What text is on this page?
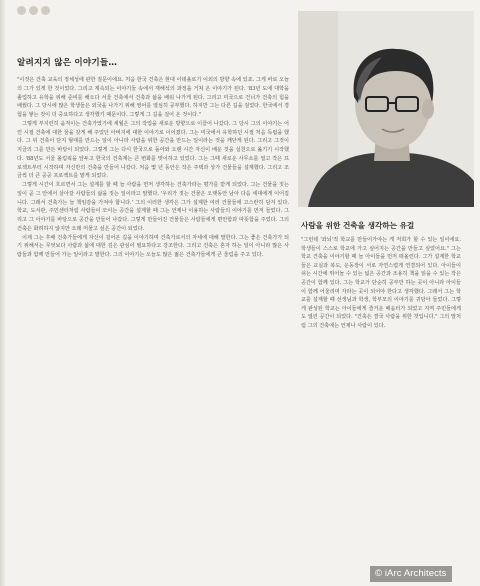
알려지지 않은 이야기들…

"이것은 건축 교육의 정체성에 관한 질문이에요. 처음 한국 건축은 현대 이데올로기 이외의 방향 속에 있죠. 그게 바로 오늘의 그가 있게 한 것이었다. 그리고 계속되는 이야기들 속에서 재해석의 과정을 거쳐 온 이야기가 된다. '83년 도에 대학을 졸업하고 유학을 위해 준비를 해오다 서울 건축에서 건축과 삶을 배워 나가게 된다. 그리고 미국으로 건너가 건축의 힘을 배웠다. 그 당시에 많은 학생들은 외국을 나가기 위해 영어를 열심히 공부했다. 하지만 그는 다른 길을 걸었다. 한국에서 경험을 쌓는 것이 더 중요하다고 생각했기 때문이다. 그렇게 그 길을 걸어 온 것이다."

그렇게 부지런히 움직이는 건축가였기에 세월은 그의 작업을 새로운 방향으로 이끌어 나갔다. 그 당시 그의 이야기는 어린 시절 건축에 대한 꿈을 갖게 해 주었던 아버지에 대한 이야기로 이어졌다. 그는 미국에서 유학하던 시절 처음 독립을 했다. 그 뒤 건축이 단지 형태를 만드는 일이 아니라 사람을 위한 공간을 만드는 일이라는 것을 깨닫게 된다. 그리고 그것이 지금의 그를 만든 바탕이 되었다. 그렇게 그는 다시 한국으로 돌아와 오랜 시간 자신이 배운 것을 실천으로 옮기기 시작했다. '88년도 서울 올림픽을 앞두고 한국의 건축계는 큰 변화를 맞이하고 있었다. 그는 그때 새로운 사무소를 열고 작은 프로젝트부터 시작하며 자신만의 건축을 만들어 나갔다. 처음 몇 년 동안은 작은 주택과 상가 건물들을 설계했다. 그리고 조금씩 더 큰 공공 프로젝트를 맡게 되었다.

그렇게 시간이 흐르면서 그는 설계를 할 때 늘 사람을 먼저 생각하는 건축가라는 평가를 받게 되었다. 그는 건물을 짓는 일이 곧 그 안에서 살아갈 사람들의 삶을 짓는 일이라고 말했다. '우리가 짓는 건물은 오랫동안 남아 다음 세대에게 이어집니다. 그래서 건축가는 늘 책임감을 가져야 합니다.' 그의 이러한 생각은 그가 설계한 여러 건물들에 고스란히 담겨 있다. 학교, 도서관, 주민센터처럼 사람들이 모이는 공간을 설계할 때 그는 언제나 이용하는 사람들의 이야기를 먼저 들었다. 그리고 그 이야기를 바탕으로 공간을 만들어 나갔다. 그렇게 만들어진 건물들은 사람들에게 편안함과 따뜻함을 주었다. 그의 건축은 화려하지 않지만 오래 머물고 싶은 공간이 되었다.

이제 그는 후배 건축가들에게 자신이 걸어온 길을 이야기하며 건축가로서의 자세에 대해 말한다. 그는 좋은 건축가가 되기 위해서는 무엇보다 사람과 삶에 대한 깊은 관심이 필요하다고 강조한다. 그리고 건축은 혼자 하는 일이 아니라 많은 사람들과 함께 만들어 가는 일이라고 말한다. 그의 이야기는 오늘도 많은 젊은 건축가들에게 큰 울림을 주고 있다.

사람을 위한 건축을 생각하는 유걸

"그런데 '좌뇌'적 학교를 만들어가야는 게 저희가 할 수 있는 일이에요. 학생들이 스스로 학교에 가고 싶어지는 공간을 만들고 싶었어요." 그는 학교 건축을 이야기할 때 늘 아이들을 먼저 떠올린다. 그가 설계한 학교들은 교실과 복도, 운동장이 서로 자연스럽게 연결되어 있다. 아이들이 쉬는 시간에 뛰어놀 수 있는 넓은 공간과 조용히 책을 읽을 수 있는 작은 공간이 함께 있다. 그는 학교가 단순히 공부만 하는 곳이 아니라 아이들이 함께 어울리며 자라는 곳이 되어야 한다고 생각했다. 그래서 그는 학교를 설계할 때 선생님과 학생, 학부모의 이야기를 귀담아 들었다. 그렇게 완성된 학교는 아이들에게 즐거운 배움터가 되었고 지역 주민들에게도 열린 공간이 되었다. "건축은 결국 사람을 위한 것입니다." 그의 말처럼 그의 건축에는 언제나 사람이 있다.

© iArc Architects
